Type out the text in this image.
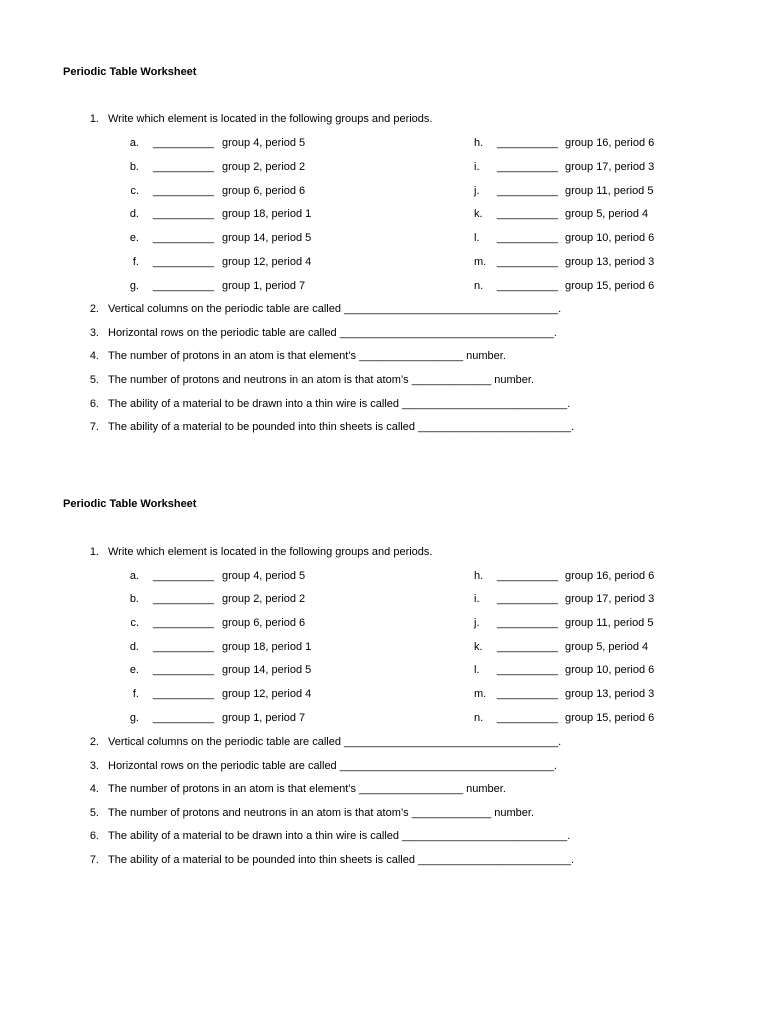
Periodic Table Worksheet
1. Write which element is located in the following groups and periods.
a. __________ group 4, period 5
b. __________ group 2, period 2
c. __________ group 6, period 6
d. __________ group 18, period 1
e. __________ group 14, period 5
f. __________ group 12, period 4
g. __________ group 1, period 7
h.	__________ group 16, period 6
i.	__________ group 17, period 3
j.	__________ group 11, period 5
k.	__________ group 5, period 4
l.	__________ group 10, period 6
m. __________ group 13, period 3
n.	__________ group 15, period 6
2. Vertical columns on the periodic table are called ___________________________________.
3. Horizontal rows on the periodic table are called ___________________________________.
4. The number of protons in an atom is that element’s _________________ number.
5. The number of protons and neutrons in an atom is that atom’s _____________ number.
6. The ability of a material to be drawn into a thin wire is called ___________________________.
7. The ability of a material to be pounded into thin sheets is called _________________________.
Periodic Table Worksheet
1. Write which element is located in the following groups and periods.
a. __________ group 4, period 5
b. __________ group 2, period 2
c. __________ group 6, period 6
d. __________ group 18, period 1
e. __________ group 14, period 5
f. __________ group 12, period 4
g. __________ group 1, period 7
h.	__________ group 16, period 6
i.	__________ group 17, period 3
j.	__________ group 11, period 5
k.	__________ group 5, period 4
l.	__________ group 10, period 6
m. __________ group 13, period 3
n.	__________ group 15, period 6
2. Vertical columns on the periodic table are called ___________________________________.
3. Horizontal rows on the periodic table are called ___________________________________.
4. The number of protons in an atom is that element’s _________________ number.
5. The number of protons and neutrons in an atom is that atom’s _____________ number.
6. The ability of a material to be drawn into a thin wire is called ___________________________.
7. The ability of a material to be pounded into thin sheets is called _________________________.
